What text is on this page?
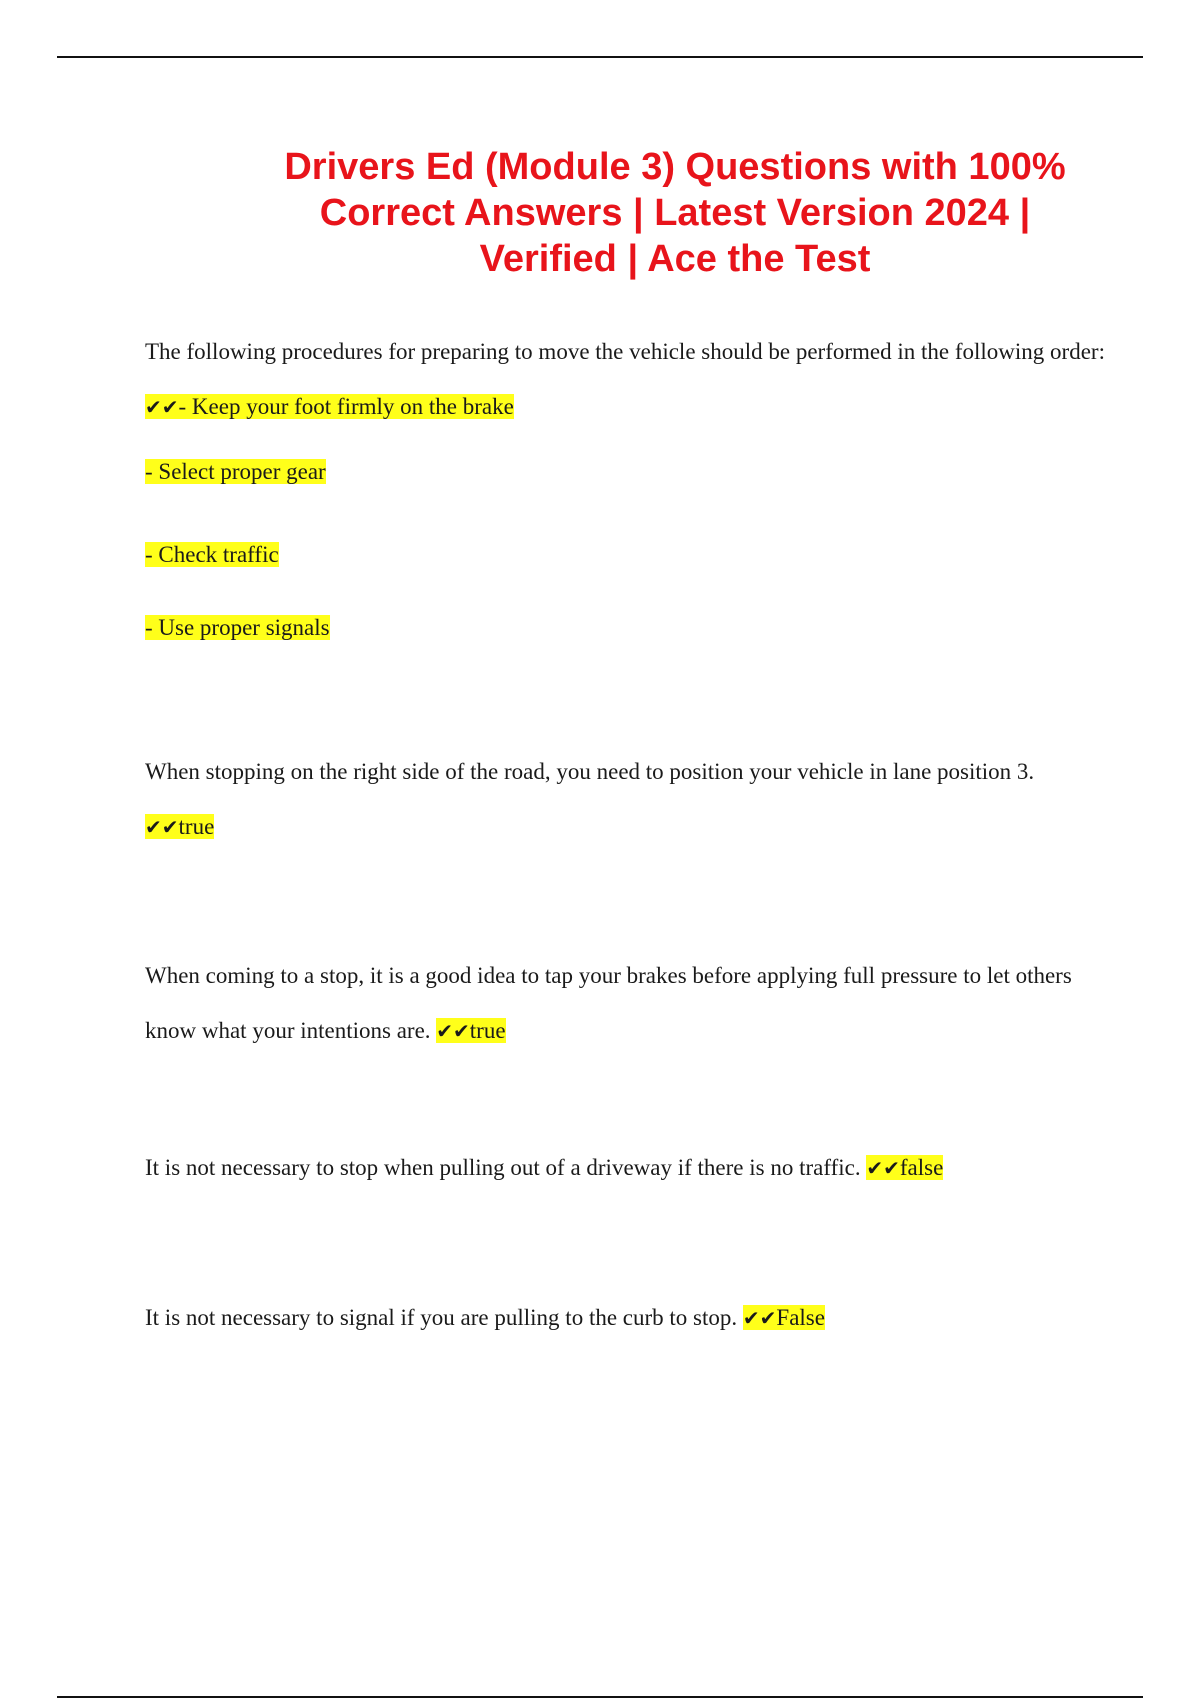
Drivers Ed (Module 3) Questions with 100% Correct Answers | Latest Version 2024 | Verified | Ace the Test

The following procedures for preparing to move the vehicle should be performed in the following order: ✔✔- Keep your foot firmly on the brake

- Select proper gear

- Check traffic

- Use proper signals

When stopping on the right side of the road, you need to position your vehicle in lane position 3.
✔✔true

When coming to a stop, it is a good idea to tap your brakes before applying full pressure to let others know what your intentions are. ✔✔true

It is not necessary to stop when pulling out of a driveway if there is no traffic. ✔✔false

It is not necessary to signal if you are pulling to the curb to stop. ✔✔False
